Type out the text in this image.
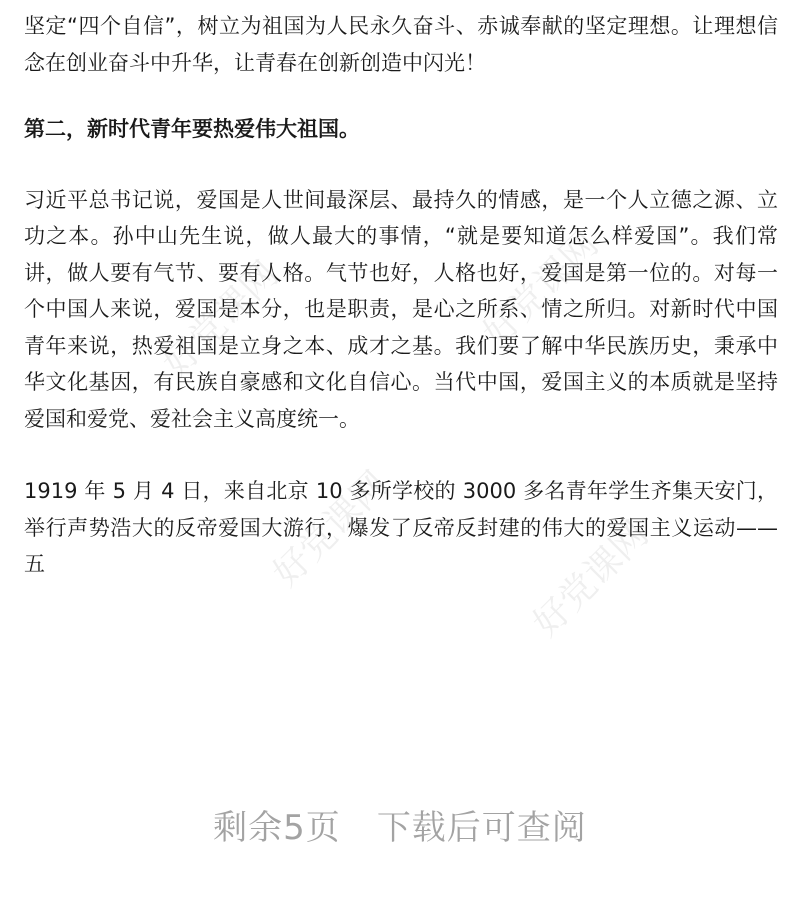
好党课网	好党课网
好党课网	好党课网

坚定“四个自信”，树立为祖国为人民永久奋斗、赤诚奉献的坚定理想。让理想信念在创业奋斗中升华，让青春在创新创造中闪光！

第二，新时代青年要热爱伟大祖国。

习近平总书记说，爱国是人世间最深层、最持久的情感，是一个人立德之源、立功之本。孙中山先生说，做人最大的事情，“就是要知道怎么样爱国”。我们常讲，做人要有气节、要有人格。气节也好，人格也好，爱国是第一位的。对每一个中国人来说，爱国是本分，也是职责，是心之所系、情之所归。对新时代中国青年来说，热爱祖国是立身之本、成才之基。我们要了解中华民族历史，秉承中华文化基因，有民族自豪感和文化自信心。当代中国，爱国主义的本质就是坚持爱国和爱党、爱社会主义高度统一。

1919 年 5 月 4 日，来自北京 10 多所学校的 3000 多名青年学生齐集天安门，举行声势浩大的反帝爱国大游行，爆发了反帝反封建的伟大的爱国主义运动——五

剩余5页 下载后可查阅
